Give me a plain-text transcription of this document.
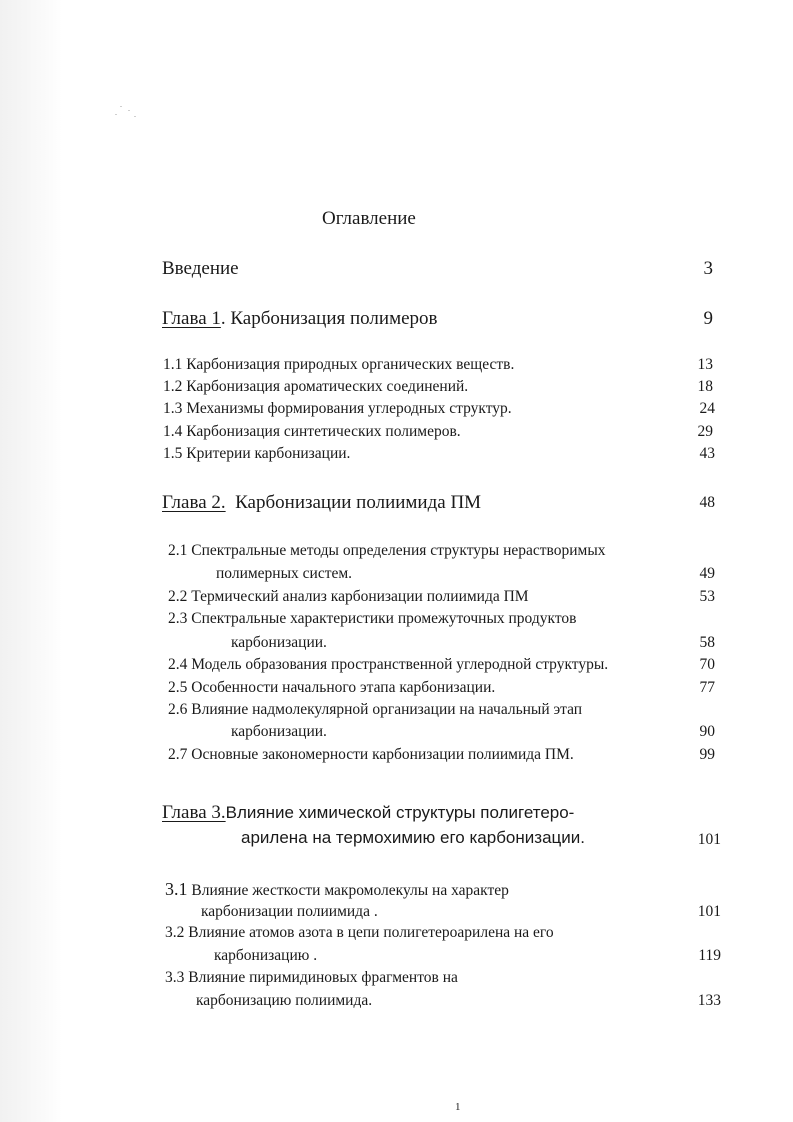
Оглавление
Введение	3
Глава 1. Карбонизация полимеров	9
1.1 Карбонизация природных органических веществ.	13
1.2 Карбонизация ароматических соединений.	18
1.3 Механизмы формирования углеродных структур.	24
1.4 Карбонизация синтетических полимеров.	29
1.5 Критерии карбонизации.	43
Глава 2. Карбонизации полиимида ПМ	48
2.1 Спектральные методы определения структуры нерастворимых
полимерных систем.	49
2.2 Термический анализ карбонизации полиимида ПМ	53
2.3 Спектральные характеристики промежуточных продуктов
карбонизации.	58
2.4 Модель образования пространственной углеродной структуры.	70
2.5 Особенности начального этапа карбонизации.	77
2.6 Влияние надмолекулярной организации на начальный этап
карбонизации.	90
2.7 Основные закономерности карбонизации полиимида ПМ.	99
Глава 3.Влияние химической структуры полигетеро-
арилена на термохимию его карбонизации.	101
3.1 Влияние жесткости макромолекулы на характер
карбонизации полиимида .	101
3.2 Влияние атомов азота в цепи полигетероарилена на его
карбонизацию .	119
3.3 Влияние пиримидиновых фрагментов на
карбонизацию полиимида.	133
1
